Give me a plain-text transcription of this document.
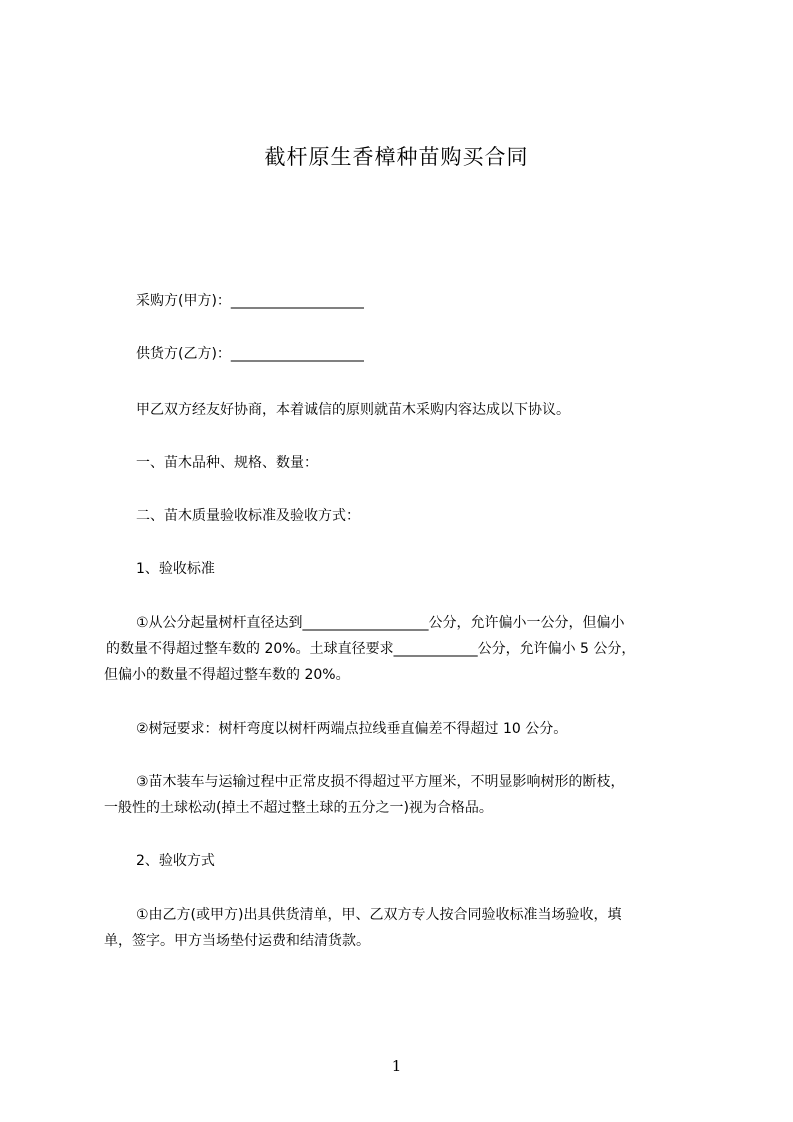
截杆原生香樟种苗购买合同
采购方(甲方)：___________________
供货方(乙方)：___________________
甲乙双方经友好协商，本着诚信的原则就苗木采购内容达成以下协议。
一、苗木品种、规格、数量：
二、苗木质量验收标准及验收方式：
1、验收标准
①从公分起量树杆直径达到__________________公分，允许偏小一公分，但偏小
的数量不得超过整车数的 20%。土球直径要求____________公分，允许偏小 5 公分，
但偏小的数量不得超过整车数的 20%。
②树冠要求：树杆弯度以树杆两端点拉线垂直偏差不得超过 10 公分。
③苗木装车与运输过程中正常皮损不得超过平方厘米，不明显影响树形的断枝，
一般性的土球松动(掉土不超过整土球的五分之一)视为合格品。
2、验收方式
①由乙方(或甲方)出具供货清单，甲、乙双方专人按合同验收标准当场验收，填
单，签字。甲方当场垫付运费和结清货款。
1
